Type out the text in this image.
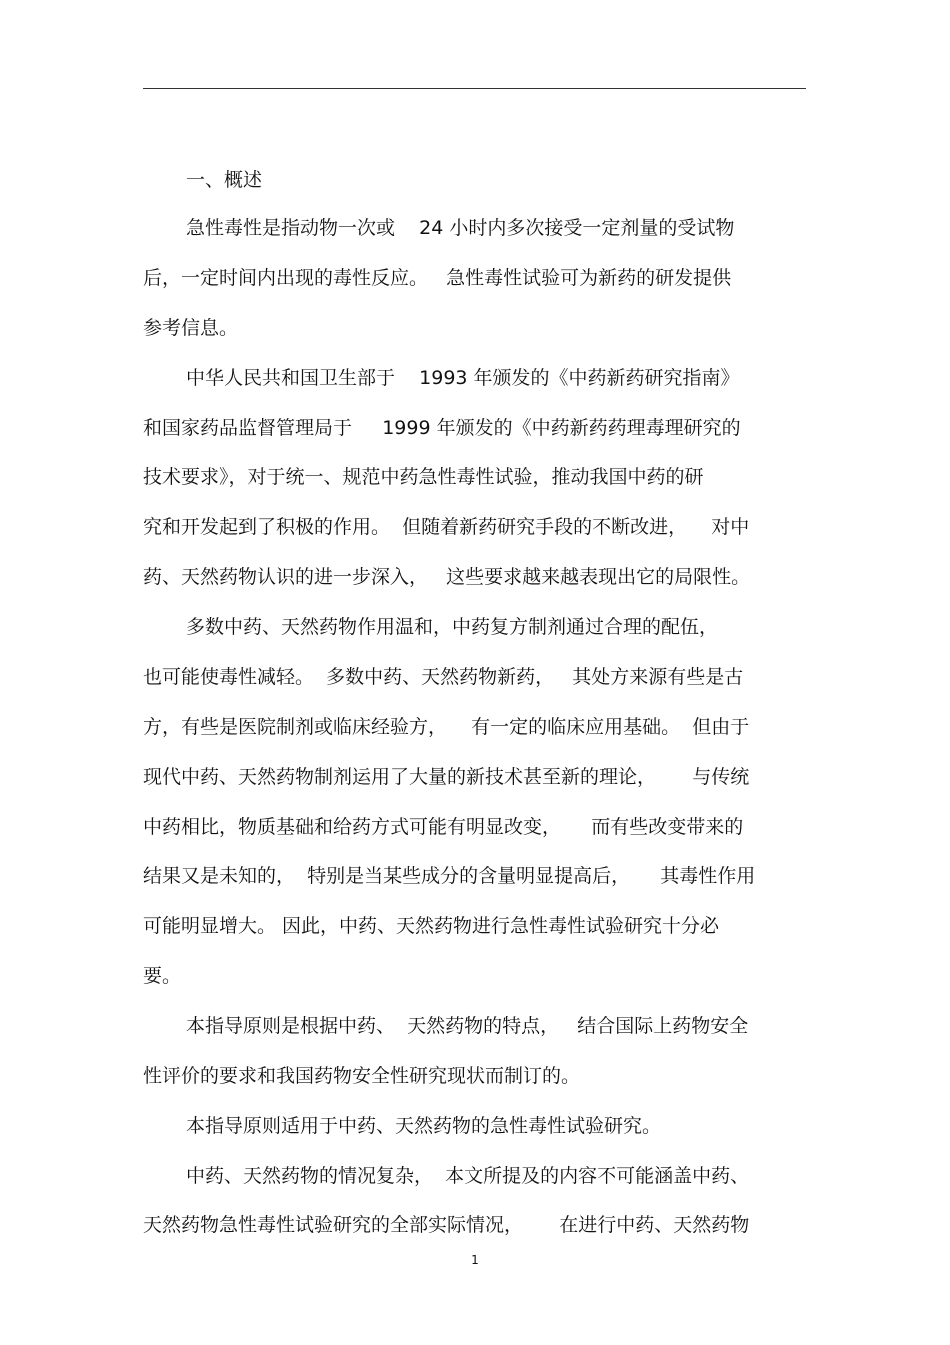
一、概述
急性毒性是指动物一次或    24 小时内多次接受一定剂量的受试物
后，一定时间内出现的毒性反应。   急性毒性试验可为新药的研发提供
参考信息。
中华人民共和国卫生部于    1993 年颁发的《中药新药研究指南》
和国家药品监督管理局于     1999 年颁发的《中药新药药理毒理研究的
技术要求》，对于统一、规范中药急性毒性试验，推动我国中药的研
究和开发起到了积极的作用。  但随着新药研究手段的不断改进，    对中
药、天然药物认识的进一步深入，   这些要求越来越表现出它的局限性。
多数中药、天然药物作用温和，中药复方制剂通过合理的配伍，
也可能使毒性减轻。  多数中药、天然药物新药，   其处方来源有些是古
方，有些是医院制剂或临床经验方，    有一定的临床应用基础。  但由于
现代中药、天然药物制剂运用了大量的新技术甚至新的理论，      与传统
中药相比，物质基础和给药方式可能有明显改变，     而有些改变带来的
结果又是未知的，  特别是当某些成分的含量明显提高后，     其毒性作用
可能明显增大。 因此，中药、天然药物进行急性毒性试验研究十分必
要。
本指导原则是根据中药、  天然药物的特点，   结合国际上药物安全
性评价的要求和我国药物安全性研究现状而制订的。
本指导原则适用于中药、天然药物的急性毒性试验研究。
中药、天然药物的情况复杂，  本文所提及的内容不可能涵盖中药、
天然药物急性毒性试验研究的全部实际情况，      在进行中药、天然药物
1
